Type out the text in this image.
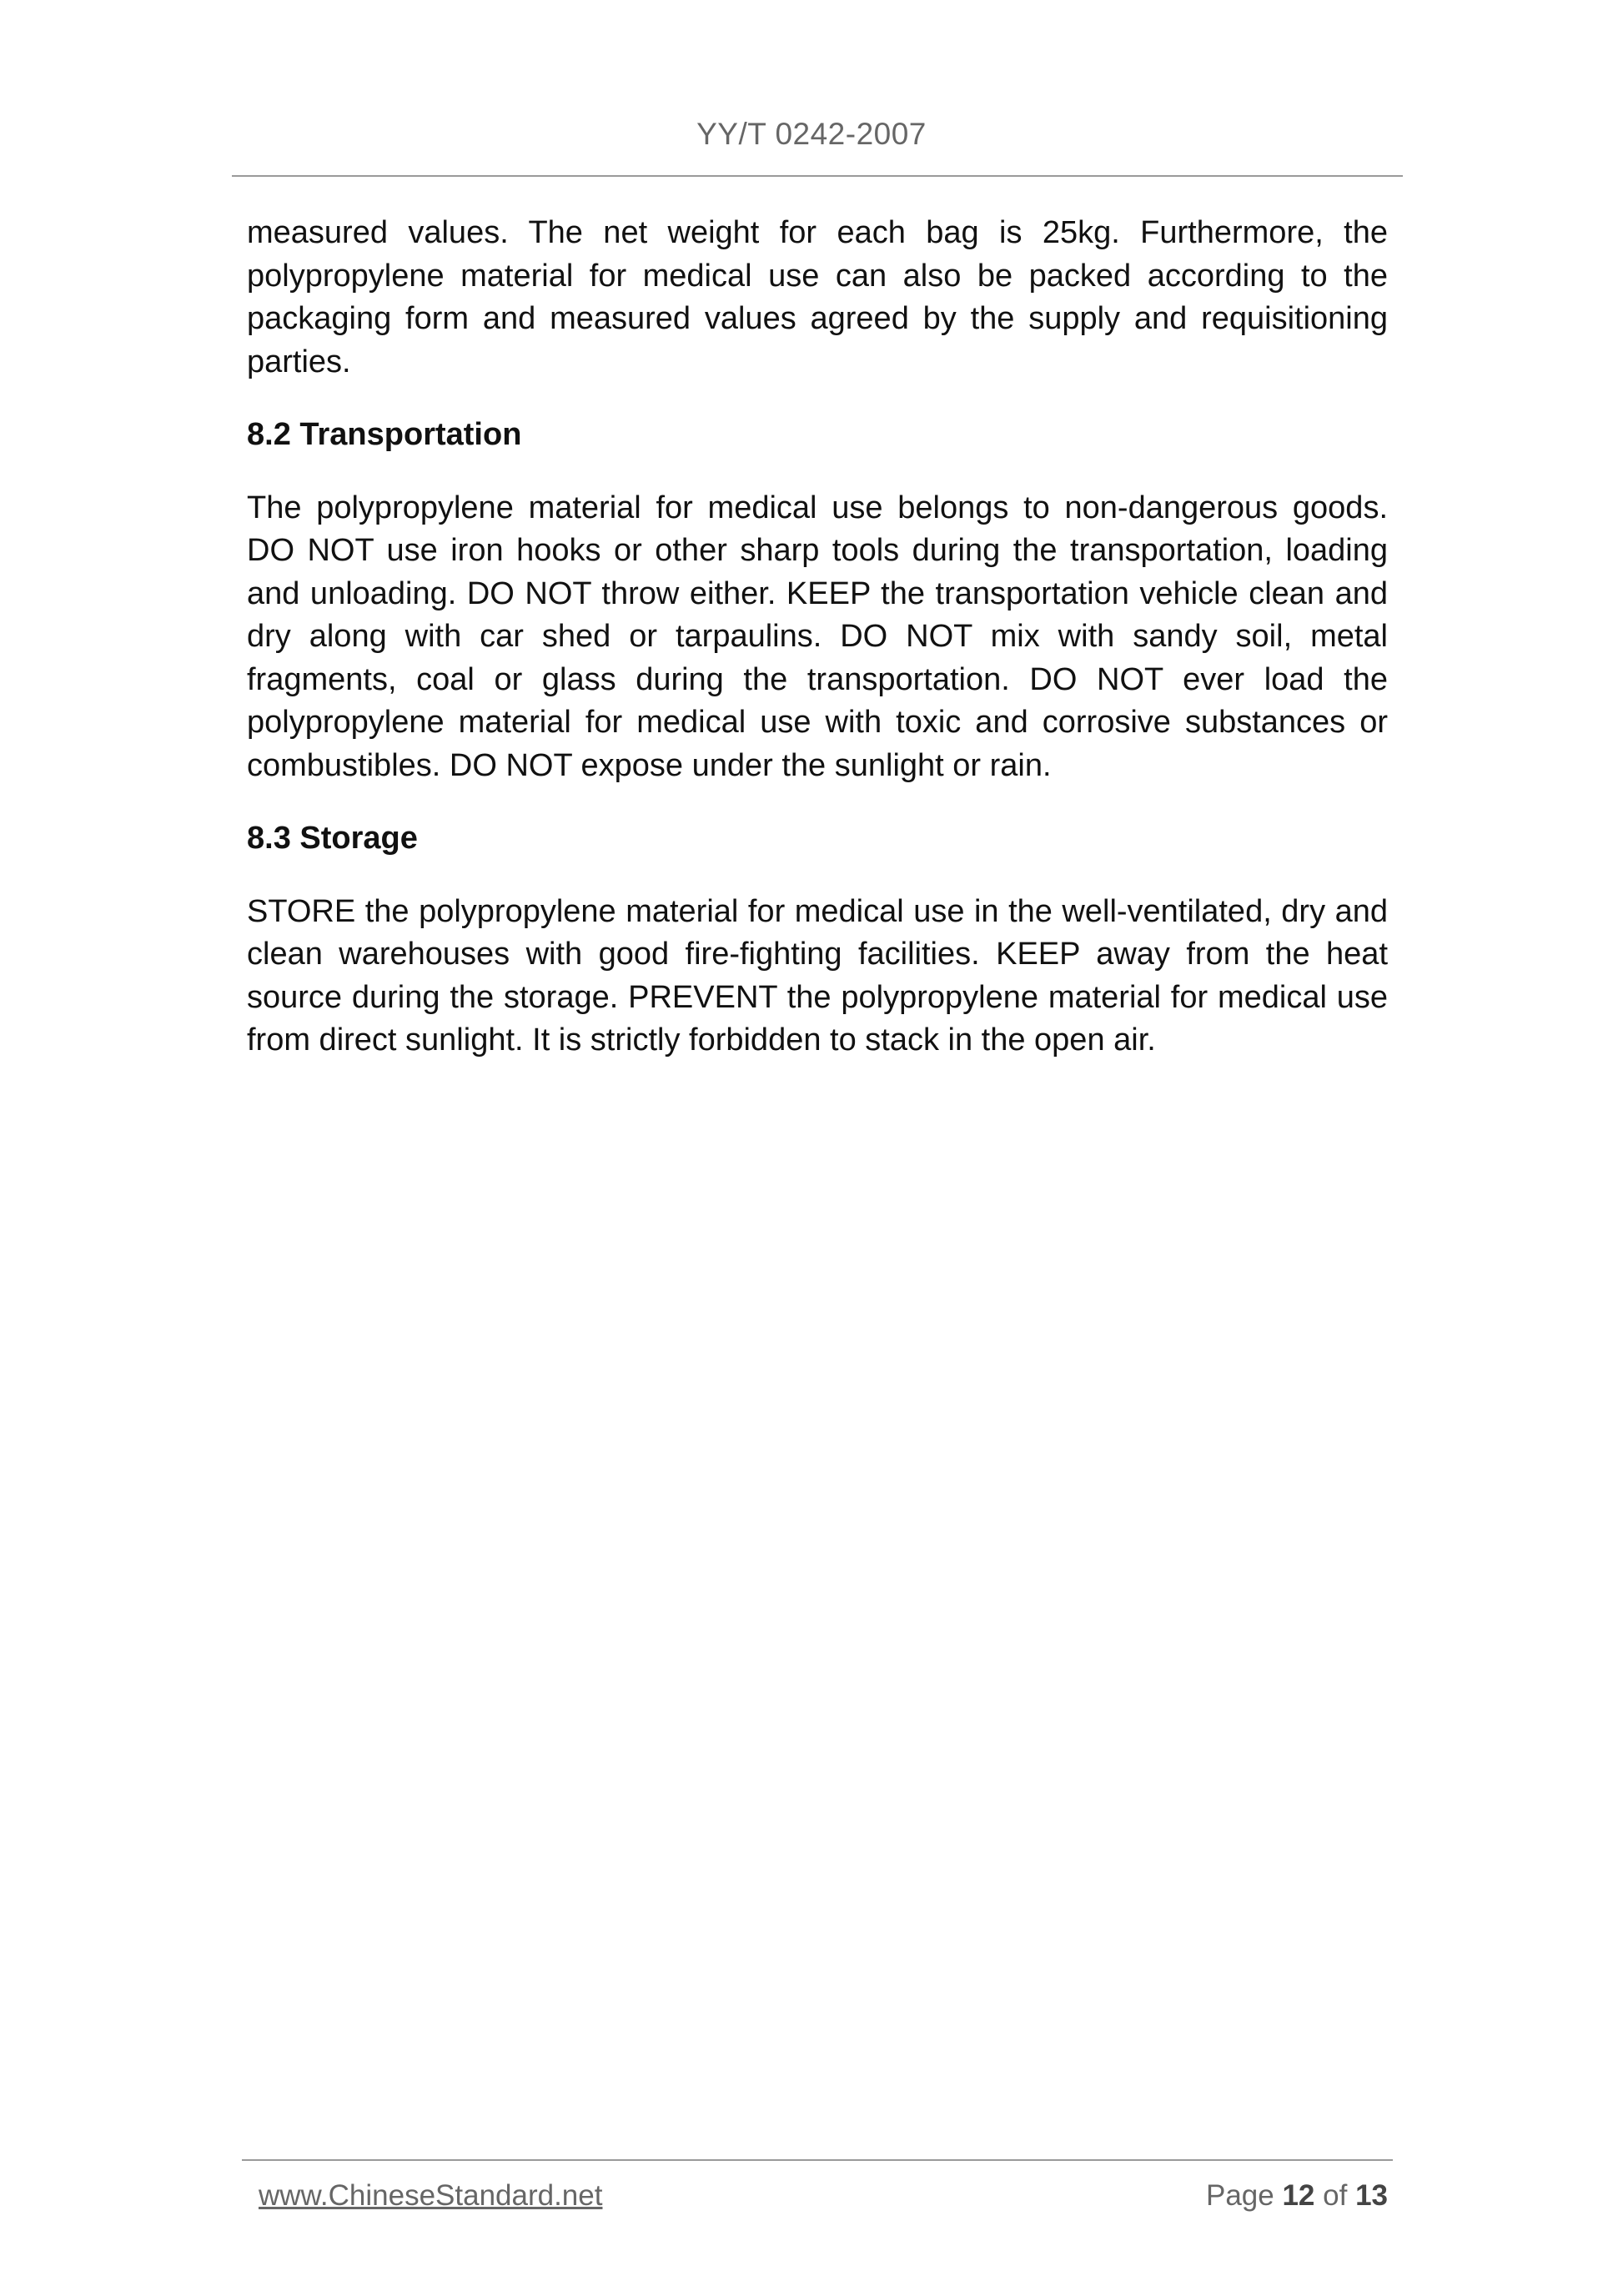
YY/T 0242-2007

measured values. The net weight for each bag is 25kg. Furthermore, the polypropylene material for medical use can also be packed according to the packaging form and measured values agreed by the supply and requisitioning parties.

8.2 Transportation

The polypropylene material for medical use belongs to non-dangerous goods. DO NOT use iron hooks or other sharp tools during the transportation, loading and unloading. DO NOT throw either. KEEP the transportation vehicle clean and dry along with car shed or tarpaulins. DO NOT mix with sandy soil, metal fragments, coal or glass during the transportation. DO NOT ever load the polypropylene material for medical use with toxic and corrosive substances or combustibles. DO NOT expose under the sunlight or rain.

8.3 Storage

STORE the polypropylene material for medical use in the well-ventilated, dry and clean warehouses with good fire-fighting facilities. KEEP away from the heat source during the storage. PREVENT the polypropylene material for medical use from direct sunlight. It is strictly forbidden to stack in the open air.

www.ChineseStandard.net	Page 12 of 13
